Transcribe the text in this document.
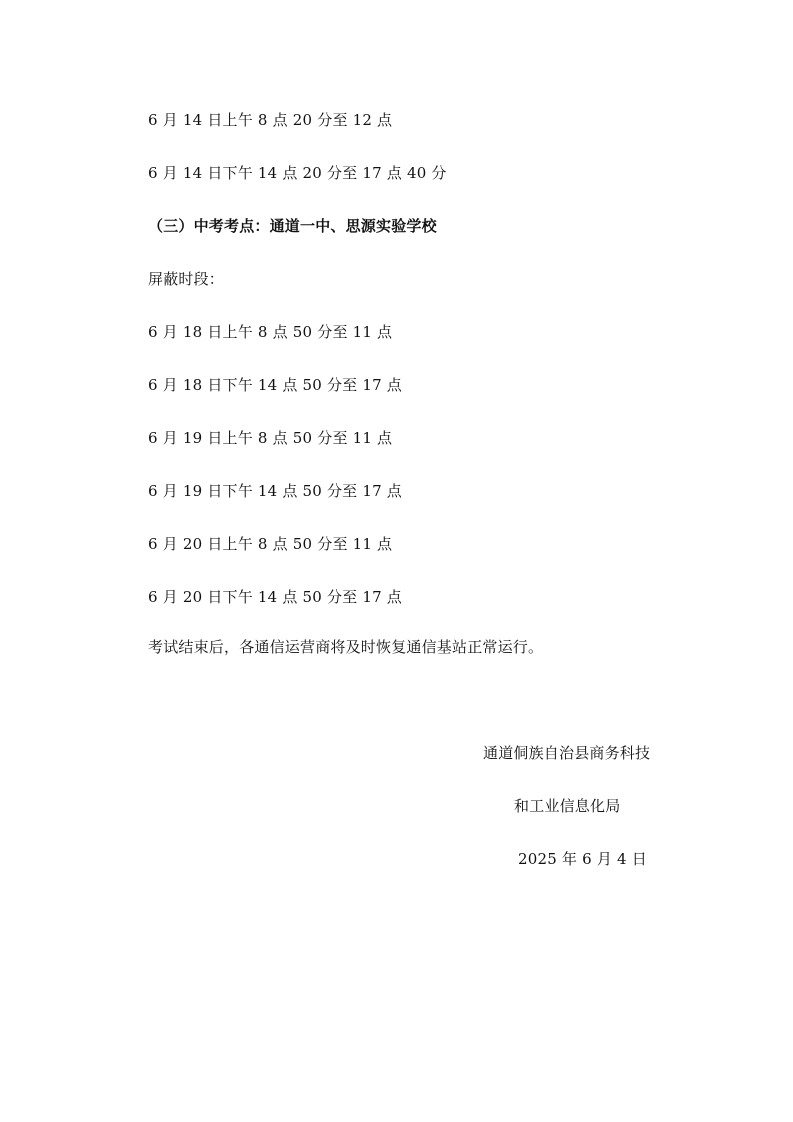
6 月 14 日上午 8 点 20 分至 12 点
6 月 14 日下午 14 点 20 分至 17 点 40 分
（三）中考考点：通道一中、思源实验学校
屏蔽时段：
6 月 18 日上午 8 点 50 分至 11 点
6 月 18 日下午 14 点 50 分至 17 点
6 月 19 日上午 8 点 50 分至 11 点
6 月 19 日下午 14 点 50 分至 17 点
6 月 20 日上午 8 点 50 分至 11 点
6 月 20 日下午 14 点 50 分至 17 点
考试结束后，各通信运营商将及时恢复通信基站正常运行。
通道侗族自治县商务科技
和工业信息化局
2025 年 6 月 4 日
